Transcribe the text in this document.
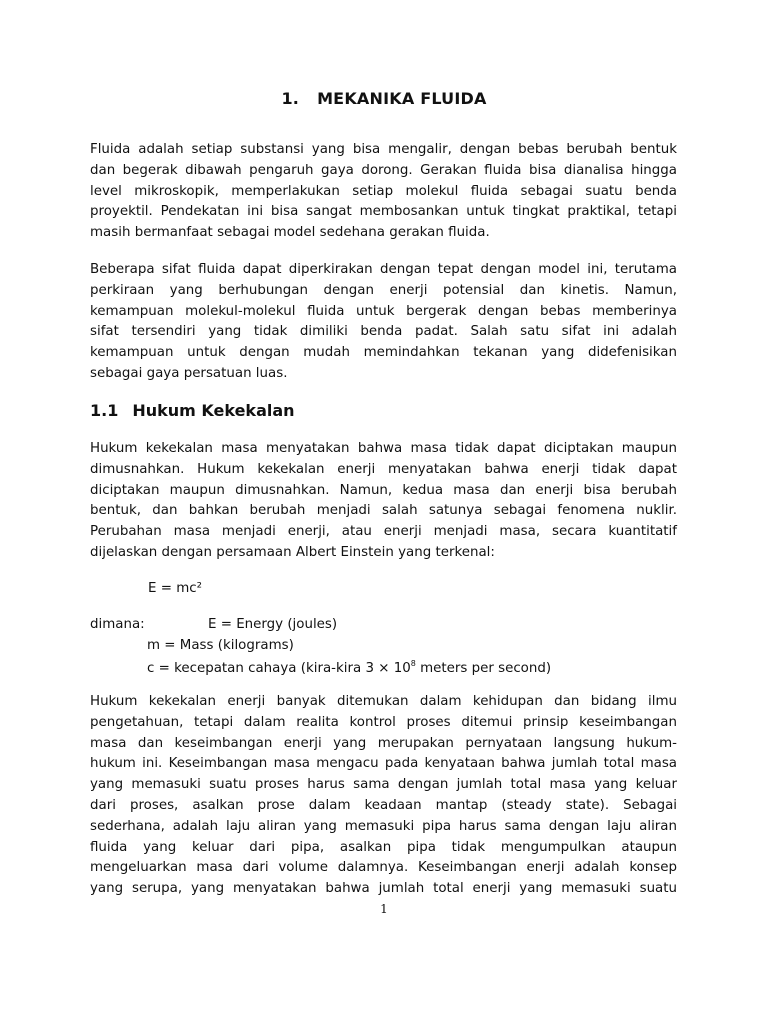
1. MEKANIKA FLUIDA
Fluida adalah setiap substansi yang bisa mengalir, dengan bebas berubah bentuk
dan begerak dibawah pengaruh gaya dorong. Gerakan fluida bisa dianalisa hingga
level mikroskopik, memperlakukan setiap molekul fluida sebagai suatu benda
proyektil. Pendekatan ini bisa sangat membosankan untuk tingkat praktikal, tetapi
masih bermanfaat sebagai model sedehana gerakan fluida.
Beberapa sifat fluida dapat diperkirakan dengan tepat dengan model ini, terutama
perkiraan yang berhubungan dengan enerji potensial dan kinetis. Namun,
kemampuan molekul-molekul fluida untuk bergerak dengan bebas memberinya
sifat tersendiri yang tidak dimiliki benda padat. Salah satu sifat ini adalah
kemampuan untuk dengan mudah memindahkan tekanan yang didefenisikan
sebagai gaya persatuan luas.
1.1 Hukum Kekekalan
Hukum kekekalan masa menyatakan bahwa masa tidak dapat diciptakan maupun
dimusnahkan. Hukum kekekalan enerji menyatakan bahwa enerji tidak dapat
diciptakan maupun dimusnahkan. Namun, kedua masa dan enerji bisa berubah
bentuk, dan bahkan berubah menjadi salah satunya sebagai fenomena nuklir.
Perubahan masa menjadi enerji, atau enerji menjadi masa, secara kuantitatif
dijelaskan dengan persamaan Albert Einstein yang terkenal:
E = mc²
dimana:	E = Energy (joules)
m = Mass (kilograms)
c = kecepatan cahaya (kira-kira $3 \times 10^8$ meters per second)
Hukum kekekalan enerji banyak ditemukan dalam kehidupan dan bidang ilmu
pengetahuan, tetapi dalam realita kontrol proses ditemui prinsip keseimbangan
masa dan keseimbangan enerji yang merupakan pernyataan langsung hukum-
hukum ini. Keseimbangan masa mengacu pada kenyataan bahwa jumlah total masa
yang memasuki suatu proses harus sama dengan jumlah total masa yang keluar
dari proses, asalkan prose dalam keadaan mantap (steady state). Sebagai
sederhana, adalah laju aliran yang memasuki pipa harus sama dengan laju aliran
fluida yang keluar dari pipa, asalkan pipa tidak mengumpulkan ataupun
mengeluarkan masa dari volume dalamnya. Keseimbangan enerji adalah konsep
yang serupa, yang menyatakan bahwa jumlah total enerji yang memasuki suatu
1
